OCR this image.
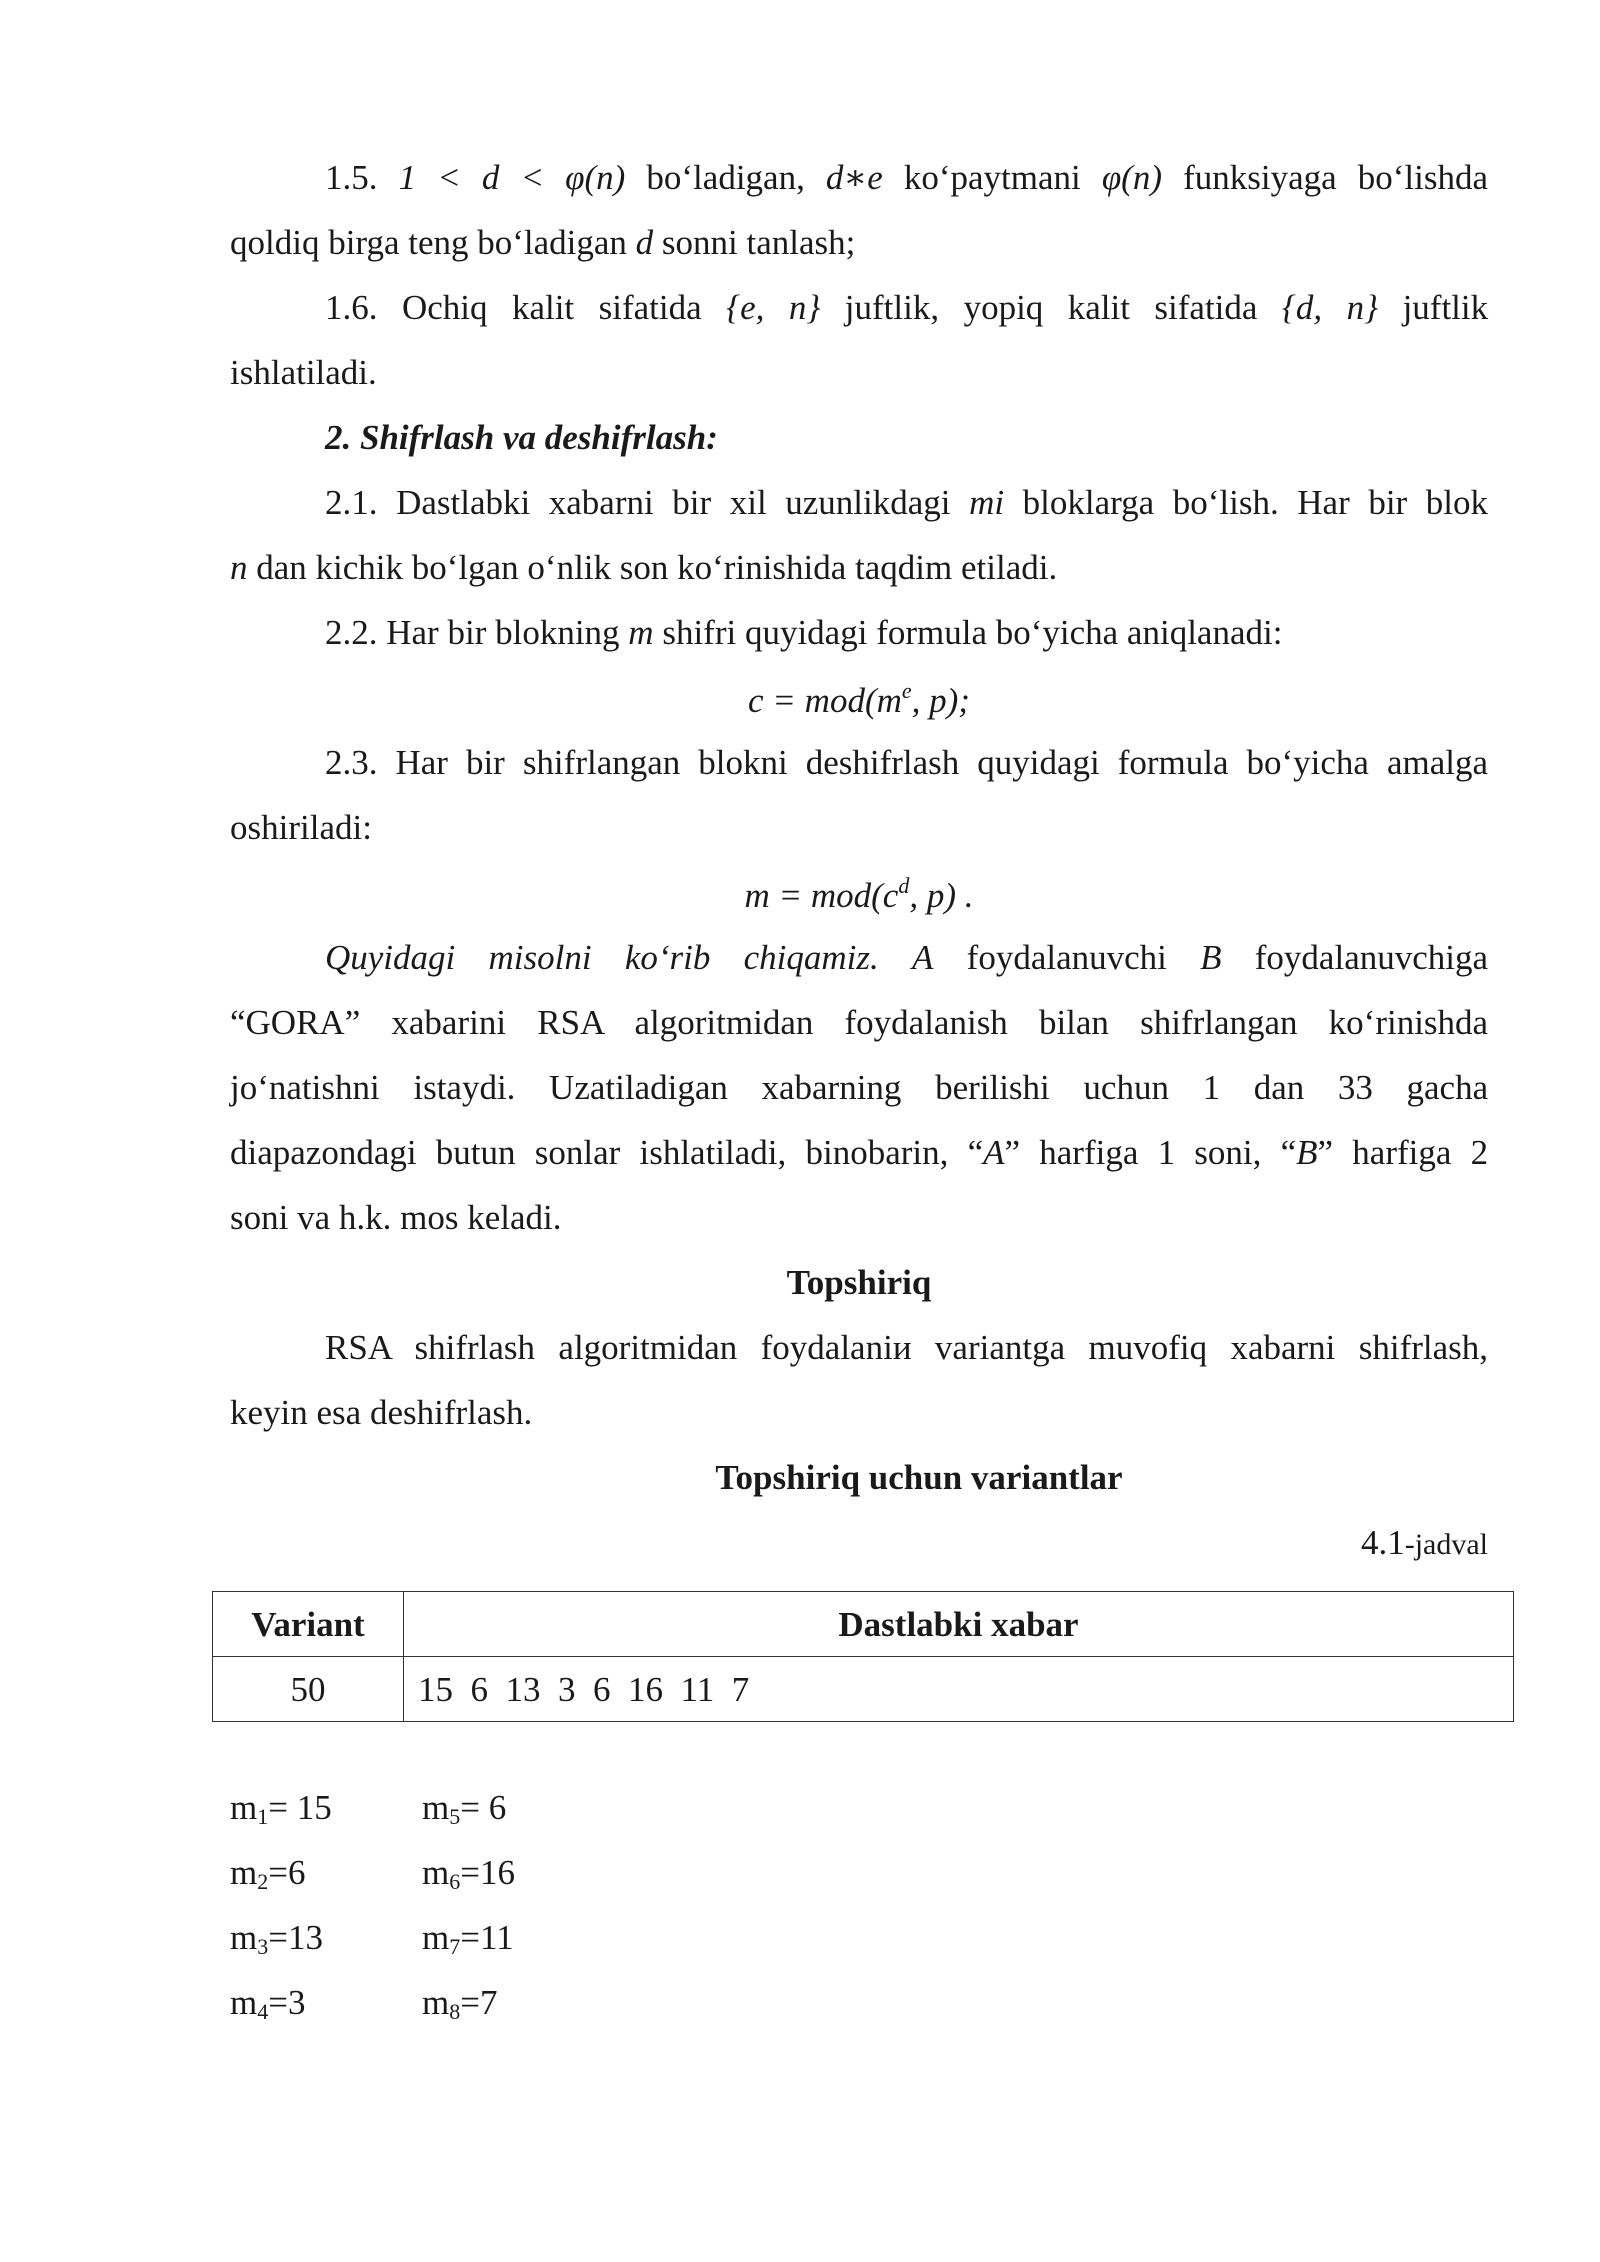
1.5. 1 < d < φ(n) bo‘ladigan, d∗e ko‘paytmani φ(n) funksiyaga bo‘lishda
qoldiq birga teng bo‘ladigan d sonni tanlash;
1.6. Ochiq kalit sifatida {e, n} juftlik, yopiq kalit sifatida {d, n} juftlik
ishlatiladi.
2. Shifrlash va deshifrlash:
2.1. Dastlabki xabarni bir xil uzunlikdagi mi bloklarga bo‘lish. Har bir blok
n dan kichik bo‘lgan o‘nlik son ko‘rinishida taqdim etiladi.
2.2. Har bir blokning m shifri quyidagi formula bo‘yicha aniqlanadi:
$c = mod(m^e$, p);
2.3. Har bir shifrlangan blokni deshifrlash quyidagi formula bo‘yicha amalga
oshiriladi:
$m = mod(c^d$, p) .
Quyidagi misolni ko‘rib chiqamiz. A foydalanuvchi B foydalanuvchiga
“GORA” xabarini RSA algoritmidan foydalanish bilan shifrlangan ko‘rinishda
jo‘natishni istaydi. Uzatiladigan xabarning berilishi uchun 1 dan 33 gacha
diapazondagi butun sonlar ishlatiladi, binobarin, “A” harfiga 1 soni, “B” harfiga 2
soni va h.k. mos keladi.
Topshiriq
RSA shifrlash algoritmidan foydalaniи variantga muvofiq xabarni shifrlash,
keyin esa deshifrlash.
Topshiriq uchun variantlar
4.1-jadval
Variant	Dastlabki xabar
50	15  6  13  3  6  16  11  7
$m_1= 15$	$m_5= 6$
$m_2=6$	$m_6=16$
$m_3=13$	$m_7=11$
$m_4=3$	$m_8=7$
